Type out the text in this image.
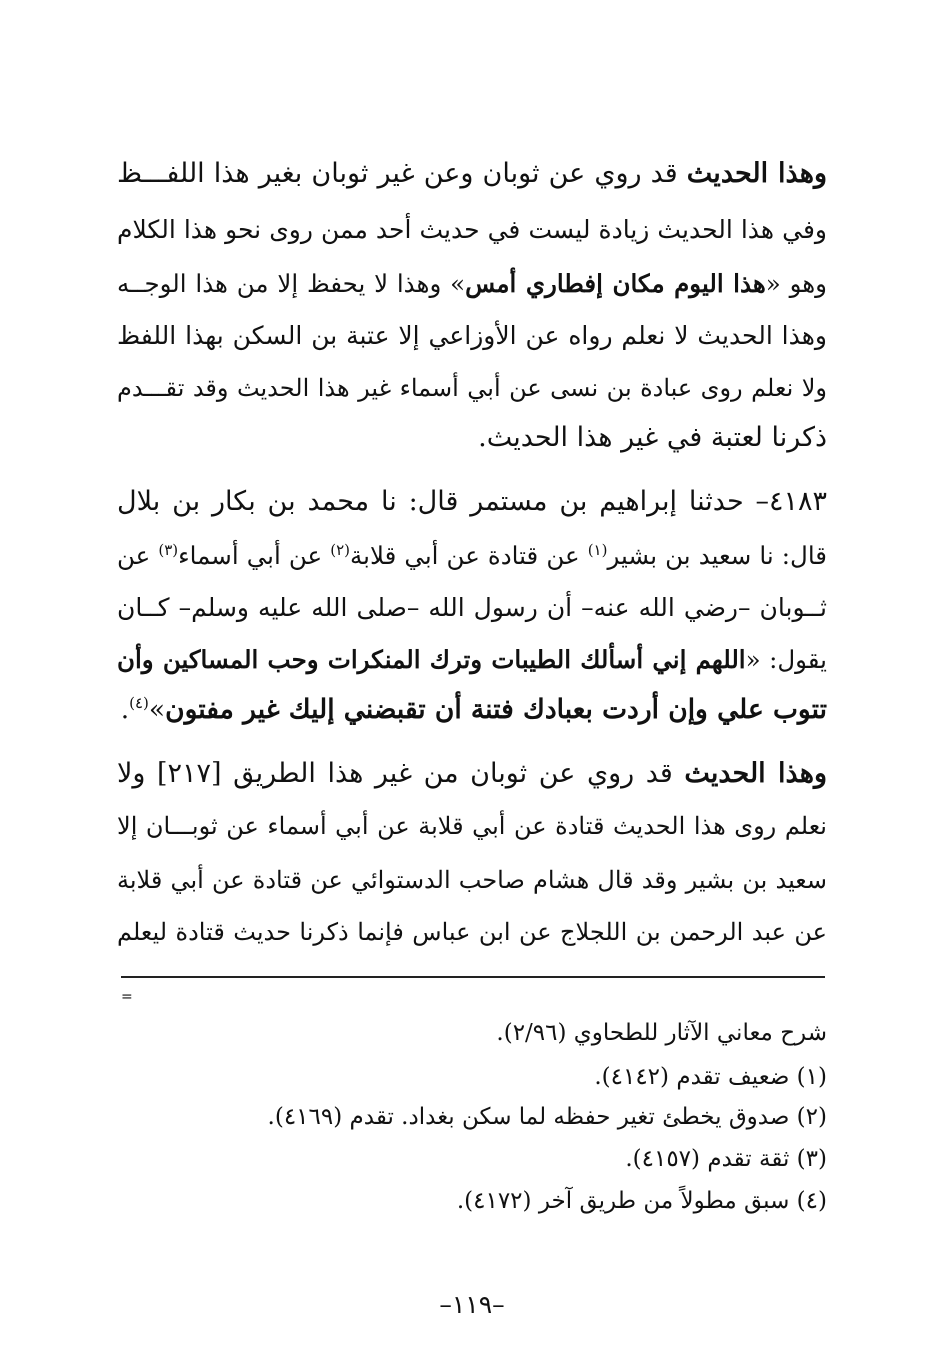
وهذا الحديث قد روي عن ثوبان وعن غير ثوبان بغير هذا اللفـــظ
وفي هذا الحديث زيادة ليست في حديث أحد ممن روى نحو هذا الكلام
وهو «هذا اليوم مكان إفطاري أمس» وهذا لا يحفظ إلا من هذا الوجــه
وهذا الحديث لا نعلم رواه عن الأوزاعي إلا عتبة بن السكن بهذا اللفظ
ولا نعلم روى عبادة بن نسى عن أبي أسماء غير هذا الحديث وقد تقـــدم
ذكرنا لعتبة في غير هذا الحديث.
٤١٨٣– حدثنا إبراهيم بن مستمر قال: نا محمد بن بكار بن بلال
قال: نا سعيد بن بشير$^{(١)}$ عن قتادة عن أبي قلابة$^{(٢)}$ عن أبي أسماء$^{(٣)}$ عن
ثــوبان –رضي الله عنه– أن رسول الله –صلى الله عليه وسلم– كــان
يقول: «اللهم إني أسألك الطيبات وترك المنكرات وحب المساكين وأن
تتوب علي وإن أردت بعبادك فتنة أن تقبضني إليك غير مفتون»$^{(٤)}$.
وهذا الحديث قد روي عن ثوبان من غير هذا الطريق [٢١٧] ولا
نعلم روى هذا الحديث قتادة عن أبي قلابة عن أبي أسماء عن ثوبـــان إلا
سعيد بن بشير وقد قال هشام صاحب الدستوائي عن قتادة عن أبي قلابة
عن عبد الرحمن بن اللجلاج عن ابن عباس فإنما ذكرنا حديث قتادة ليعلم
=
شرح معاني الآثار للطحاوي (٢/٩٦).
(١) ضعيف تقدم (٤١٤٢).
(٢) صدوق يخطئ تغير حفظه لما سكن بغداد. تقدم (٤١٦٩).
(٣) ثقة تقدم (٤١٥٧).
(٤) سبق مطولاً من طريق آخر (٤١٧٢).
–١١٩–
